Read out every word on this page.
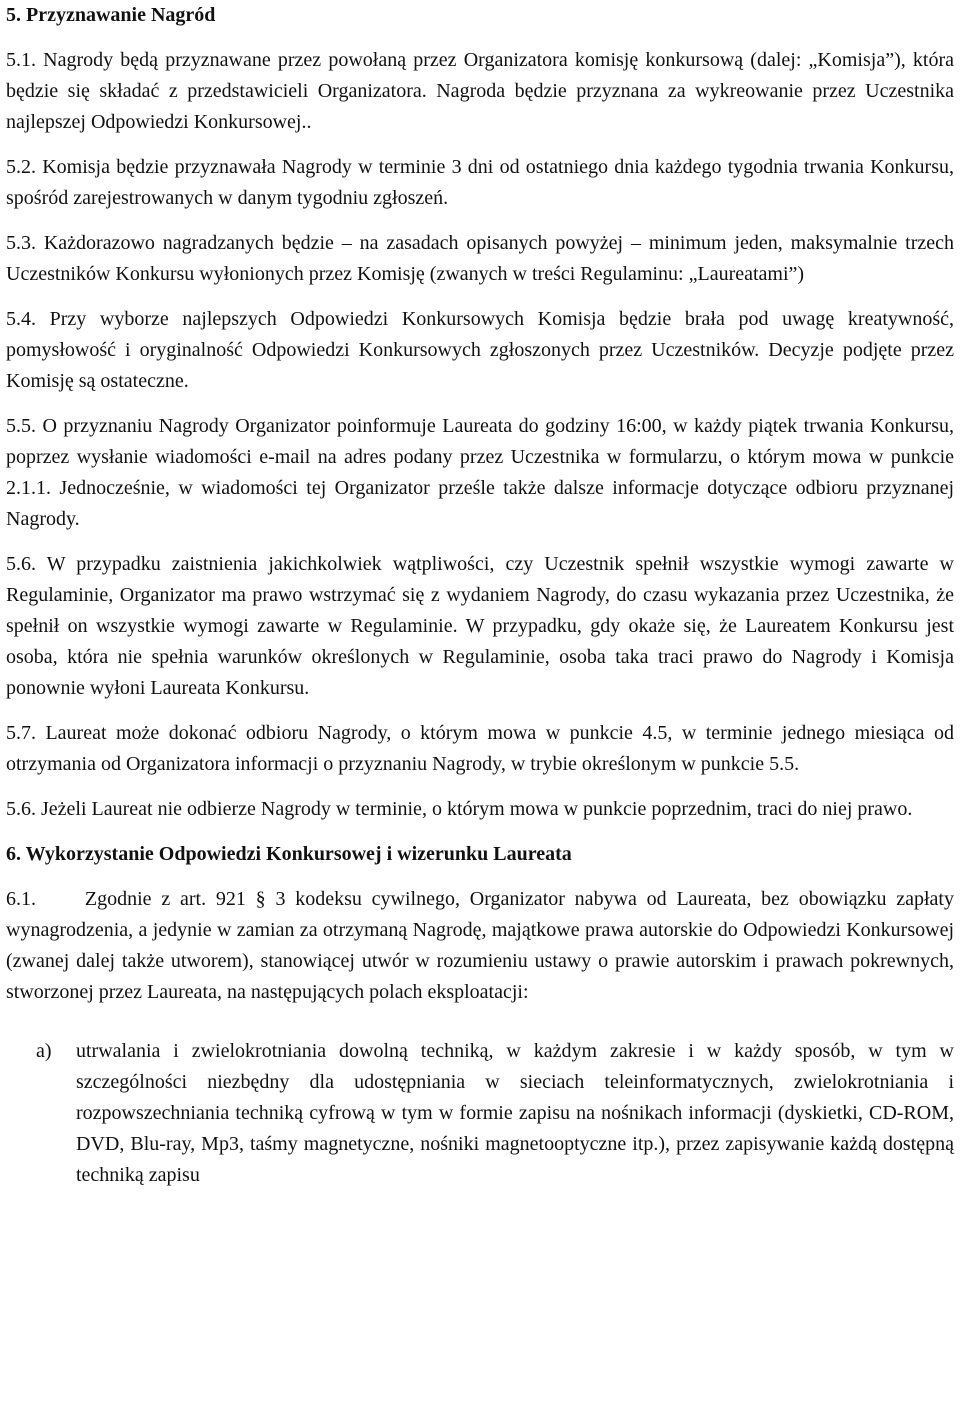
5. Przyznawanie Nagród

5.1. Nagrody będą przyznawane przez powołaną przez Organizatora komisję konkursową (dalej: „Komisja”), która będzie się składać z przedstawicieli Organizatora. Nagroda będzie przyznana za wykreowanie przez Uczestnika najlepszej Odpowiedzi Konkursowej..

5.2. Komisja będzie przyznawała Nagrody w terminie 3 dni od ostatniego dnia każdego tygodnia trwania Konkursu, spośród zarejestrowanych w danym tygodniu zgłoszeń.

5.3. Każdorazowo nagradzanych będzie – na zasadach opisanych powyżej – minimum jeden, maksymalnie trzech Uczestników Konkursu wyłonionych przez Komisję (zwanych w treści Regulaminu: „Laureatami”)

5.4. Przy wyborze najlepszych Odpowiedzi Konkursowych Komisja będzie brała pod uwagę kreatywność, pomysłowość i oryginalność Odpowiedzi Konkursowych zgłoszonych przez Uczestników. Decyzje podjęte przez Komisję są ostateczne.

5.5. O przyznaniu Nagrody Organizator poinformuje Laureata do godziny 16:00, w każdy piątek trwania Konkursu, poprzez wysłanie wiadomości e-mail na adres podany przez Uczestnika w formularzu, o którym mowa w punkcie 2.1.1. Jednocześnie, w wiadomości tej Organizator prześle także dalsze informacje dotyczące odbioru przyznanej Nagrody.

5.6. W przypadku zaistnienia jakichkolwiek wątpliwości, czy Uczestnik spełnił wszystkie wymogi zawarte w Regulaminie, Organizator ma prawo wstrzymać się z wydaniem Nagrody, do czasu wykazania przez Uczestnika, że spełnił on wszystkie wymogi zawarte w Regulaminie. W przypadku, gdy okaże się, że Laureatem Konkursu jest osoba, która nie spełnia warunków określonych w Regulaminie, osoba taka traci prawo do Nagrody i Komisja ponownie wyłoni Laureata Konkursu.

5.7. Laureat może dokonać odbioru Nagrody, o którym mowa w punkcie 4.5, w terminie jednego miesiąca od otrzymania od Organizatora informacji o przyznaniu Nagrody, w trybie określonym w punkcie 5.5.

5.6. Jeżeli Laureat nie odbierze Nagrody w terminie, o którym mowa w punkcie poprzednim, traci do niej prawo.

6. Wykorzystanie Odpowiedzi Konkursowej i wizerunku Laureata

6.1.     Zgodnie z art. 921 § 3 kodeksu cywilnego, Organizator nabywa od Laureata, bez obowiązku zapłaty wynagrodzenia, a jedynie w zamian za otrzymaną Nagrodę, majątkowe prawa autorskie do Odpowiedzi Konkursowej (zwanej dalej także utworem), stanowiącej utwór w rozumieniu ustawy o prawie autorskim i prawach pokrewnych, stworzonej przez Laureata, na następujących polach eksploatacji:

a)	utrwalania i zwielokrotniania dowolną techniką, w każdym zakresie i w każdy sposób, w tym w szczególności niezbędny dla udostępniania w sieciach teleinformatycznych, zwielokrotniania i rozpowszechniania techniką cyfrową w tym w formie zapisu na nośnikach informacji (dyskietki, CD-ROM, DVD, Blu-ray, Mp3, taśmy magnetyczne, nośniki magnetooptyczne itp.), przez zapisywanie każdą dostępną techniką zapisu
